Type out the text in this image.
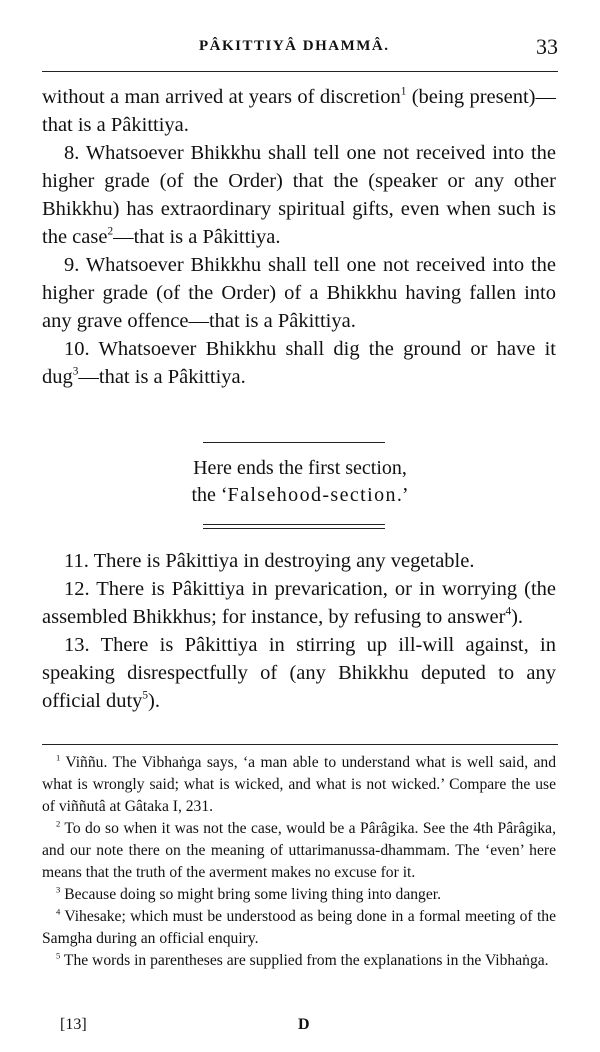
PÂKITTIYÂ DHAMMÂ.	33

without a man arrived at years of discretion$^1$ (being present)—that is a Pâkittiya.

8. Whatsoever Bhikkhu shall tell one not received into the higher grade (of the Order) that the (speaker or any other Bhikkhu) has extraordinary spiritual gifts, even when such is the case$^2$—that is a Pâkittiya.

9. Whatsoever Bhikkhu shall tell one not received into the higher grade (of the Order) of a Bhikkhu having fallen into any grave offence—that is a Pâkittiya.

10. Whatsoever Bhikkhu shall dig the ground or have it dug$^3$—that is a Pâkittiya.

Here ends the first section,
the ‘Falsehood-section.’

11. There is Pâkittiya in destroying any vegetable.

12. There is Pâkittiya in prevarication, or in worrying (the assembled Bhikkhus; for instance, by refusing to answer$^4$).

13. There is Pâkittiya in stirring up ill-will against, in speaking disrespectfully of (any Bhikkhu deputed to any official duty$^5$).

$^1$ Viññu. The Vibhaṅga says, ‘a man able to understand what is well said, and what is wrongly said; what is wicked, and what is not wicked.’ Compare the use of viññutâ at Gâtaka I, 231.

$^2$ To do so when it was not the case, would be a Pârâgika. See the 4th Pârâgika, and our note there on the meaning of uttarimanussa-dhammam. The ‘even’ here means that the truth of the averment makes no excuse for it.

$^3$ Because doing so might bring some living thing into danger.

$^4$ Vihesake; which must be understood as being done in a formal meeting of the Samgha during an official enquiry.

$^5$ The words in parentheses are supplied from the explanations in the Vibhaṅga.

[13]	D
